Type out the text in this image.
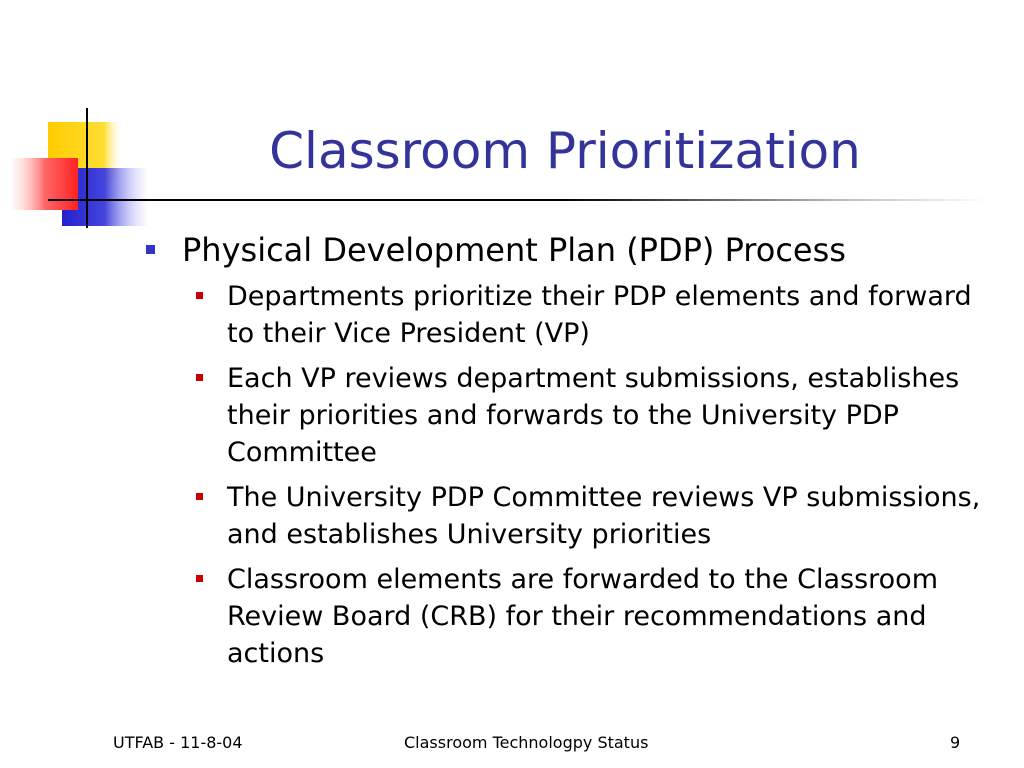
Classroom Prioritization
Physical Development Plan (PDP) Process
Departments prioritize their PDP elements and forward to their Vice President (VP)
Each VP reviews department submissions, establishes their priorities and forwards to the University PDP Committee
The University PDP Committee reviews VP submissions, and establishes University priorities
Classroom elements are forwarded to the Classroom Review Board (CRB) for their recommendations and actions
UTFAB - 11-8-04	Classroom Technologpy Status	9
